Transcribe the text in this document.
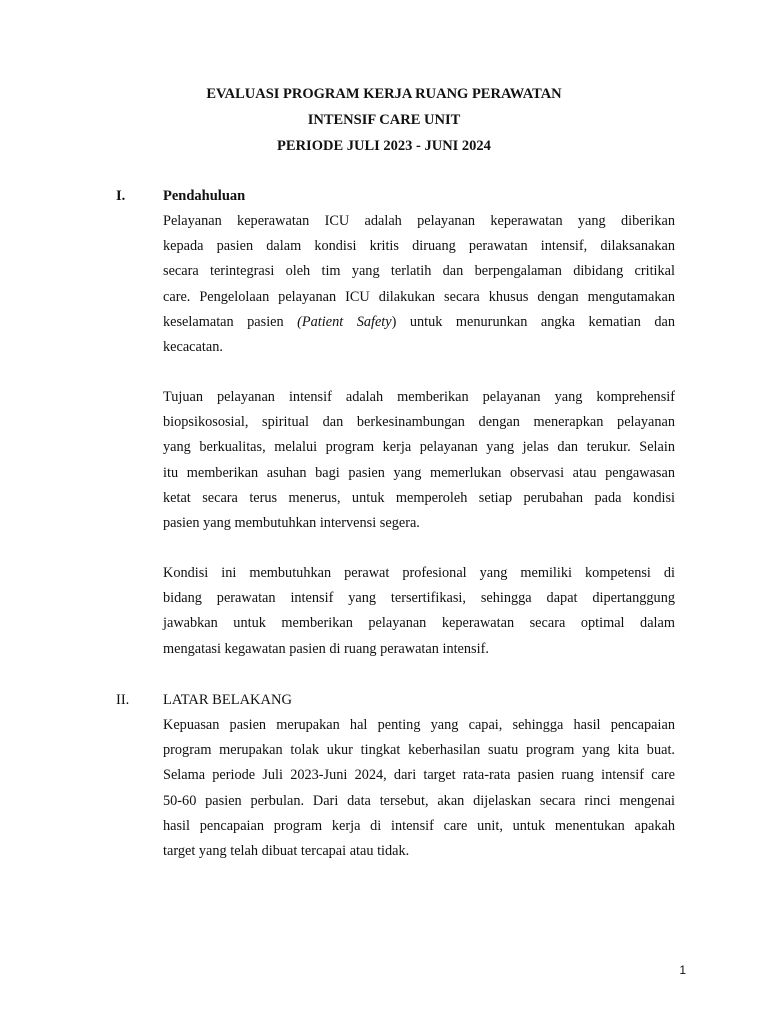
EVALUASI PROGRAM KERJA RUANG PERAWATAN
INTENSIF CARE UNIT
PERIODE JULI 2023 - JUNI 2024
I.	Pendahuluan
Pelayanan keperawatan ICU adalah pelayanan keperawatan yang diberikan
kepada pasien dalam kondisi kritis diruang perawatan intensif, dilaksanakan
secara terintegrasi oleh tim yang terlatih dan berpengalaman dibidang critikal
care. Pengelolaan pelayanan ICU dilakukan secara khusus dengan mengutamakan
keselamatan pasien (Patient Safety) untuk menurunkan angka kematian dan
kecacatan.
Tujuan pelayanan intensif adalah memberikan pelayanan yang komprehensif
biopsikososial, spiritual dan berkesinambungan dengan menerapkan pelayanan
yang berkualitas, melalui program kerja pelayanan yang jelas dan terukur. Selain
itu memberikan asuhan bagi pasien yang memerlukan observasi atau pengawasan
ketat secara terus menerus, untuk memperoleh setiap perubahan pada kondisi
pasien yang membutuhkan intervensi segera.
Kondisi ini membutuhkan perawat profesional yang memiliki kompetensi di
bidang perawatan intensif yang tersertifikasi, sehingga dapat dipertanggung
jawabkan untuk memberikan pelayanan keperawatan secara optimal dalam
mengatasi kegawatan pasien di ruang perawatan intensif.
II. LATAR BELAKANG
Kepuasan pasien merupakan hal penting yang capai, sehingga hasil pencapaian
program merupakan tolak ukur tingkat keberhasilan suatu program yang kita buat.
Selama periode Juli 2023-Juni 2024, dari target rata-rata pasien ruang intensif care
50-60 pasien perbulan. Dari data tersebut, akan dijelaskan secara rinci mengenai
hasil pencapaian program kerja di intensif care unit, untuk menentukan apakah
target yang telah dibuat tercapai atau tidak.
1
